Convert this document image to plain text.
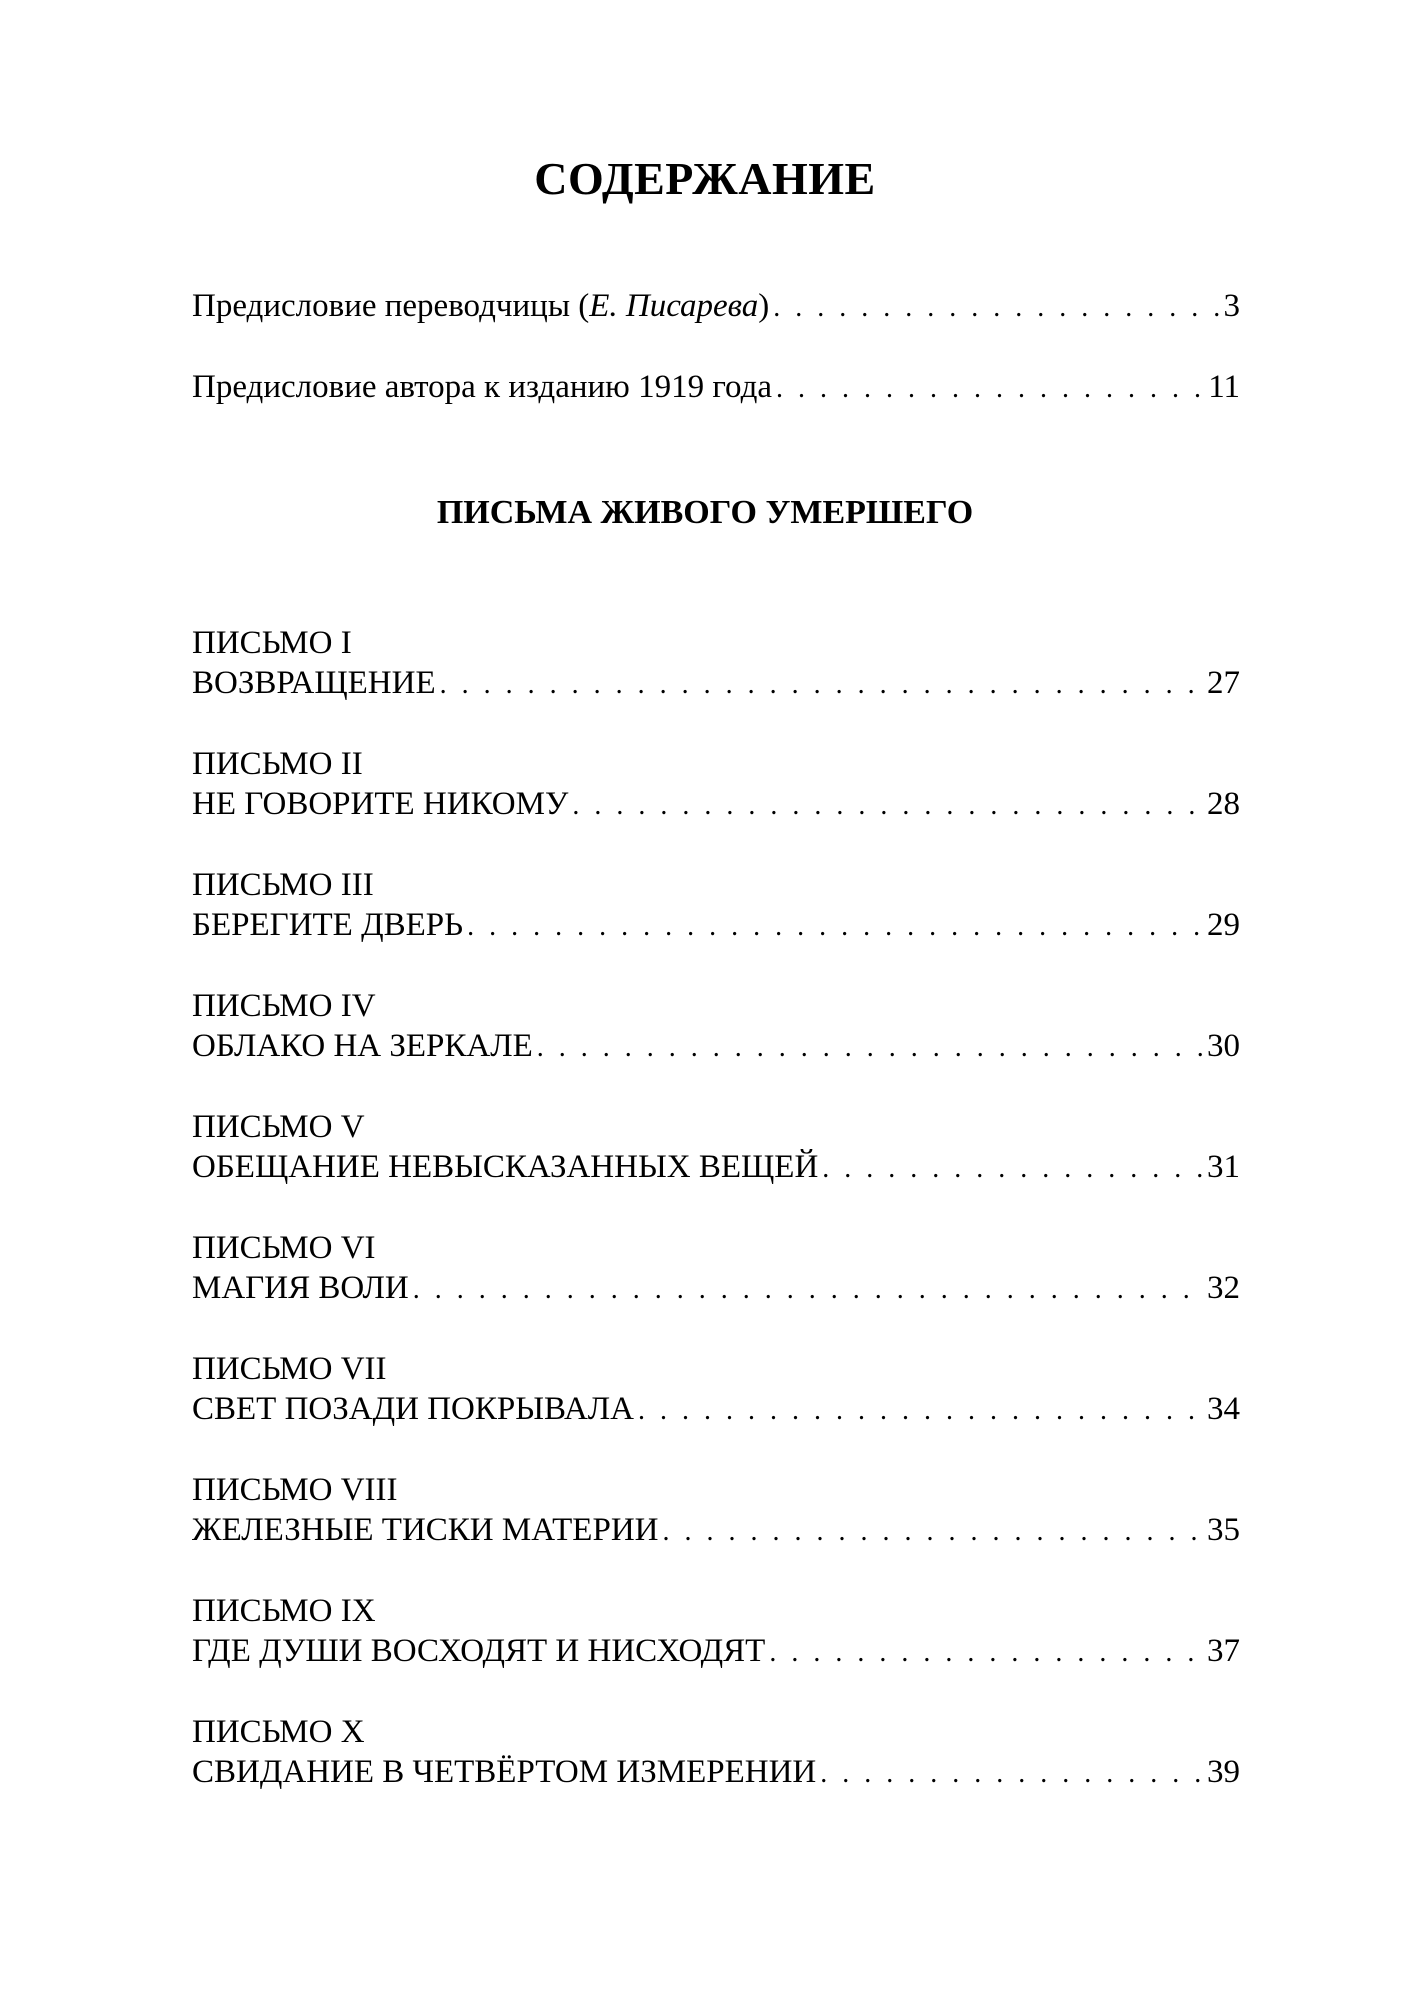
СОДЕРЖАНИЕ
Предисловие переводчицы (Е. Писарева) . . .	3
Предисловие автора к изданию 1919 года . . .	11
ПИСЬМА ЖИВОГО УМЕРШЕГО
ПИСЬМО I
ВОЗВРАЩЕНИЕ . . .	27
ПИСЬМО II
НЕ ГОВОРИТЕ НИКОМУ . . .	28
ПИСЬМО III
БЕРЕГИТЕ ДВЕРЬ . . .	29
ПИСЬМО IV
ОБЛАКО НА ЗЕРКАЛЕ . . .	30
ПИСЬМО V
ОБЕЩАНИЕ НЕВЫСКАЗАННЫХ ВЕЩЕЙ . . .	31
ПИСЬМО VI
МАГИЯ ВОЛИ . . .	32
ПИСЬМО VII
СВЕТ ПОЗАДИ ПОКРЫВАЛА . . .	34
ПИСЬМО VIII
ЖЕЛЕЗНЫЕ ТИСКИ МАТЕРИИ . . .	35
ПИСЬМО IX
ГДЕ ДУШИ ВОСХОДЯТ И НИСХОДЯТ . . .	37
ПИСЬМО X
СВИДАНИЕ В ЧЕТВЁРТОМ ИЗМЕРЕНИИ . . .	39
